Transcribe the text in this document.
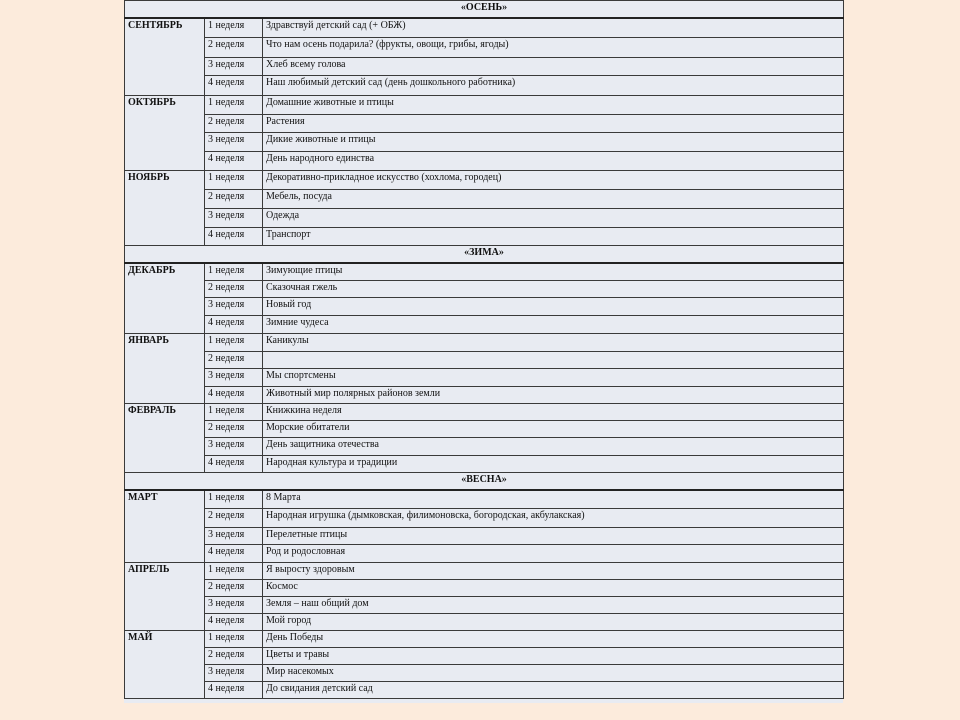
«ОСЕНЬ»		
СЕНТЯБРЬ	1 неделя	Здравствуй детский сад (+ ОБЖ)
	2 неделя	Что нам осень подарила? (фрукты, овощи, грибы, ягоды)
	3 неделя	Хлеб всему голова
	4 неделя	Наш любимый детский сад (день дошкольного работника)
ОКТЯБРЬ	1 неделя	Домашние животные и птицы
	2 неделя	Растения
	3 неделя	Дикие животные и птицы
	4 неделя	День народного единства
НОЯБРЬ	1 неделя	Декоративно-прикладное искусство (хохлома, городец)
	2 неделя	Мебель, посуда
	3 неделя	Одежда
	4 неделя	Транспорт
«ЗИМА»		
ДЕКАБРЬ	1 неделя	Зимующие птицы
	2 неделя	Сказочная гжель
	3 неделя	Новый год
	4 неделя	Зимние чудеса
ЯНВАРЬ	1 неделя	Каникулы
	2 неделя	
	3 неделя	Мы спортсмены
	4 неделя	Животный мир полярных районов земли
ФЕВРАЛЬ	1 неделя	Книжкина неделя
	2 неделя	Морские обитатели
	3 неделя	День защитника отечества
	4 неделя	Народная культура и традиции
«ВЕСНА»		
МАРТ	1 неделя	8 Марта
	2 неделя	Народная игрушка (дымковская, филимоновска, богородская, акбулакская)
	3 неделя	Перелетные птицы
	4 неделя	Род и родословная
АПРЕЛЬ	1 неделя	Я выросту здоровым
	2 неделя	Космос
	3 неделя	Земля – наш общий дом
	4 неделя	Мой город
МАЙ	1 неделя	День Победы
	2 неделя	Цветы и травы
	3 неделя	Мир насекомых
	4 неделя	До свидания детский сад
